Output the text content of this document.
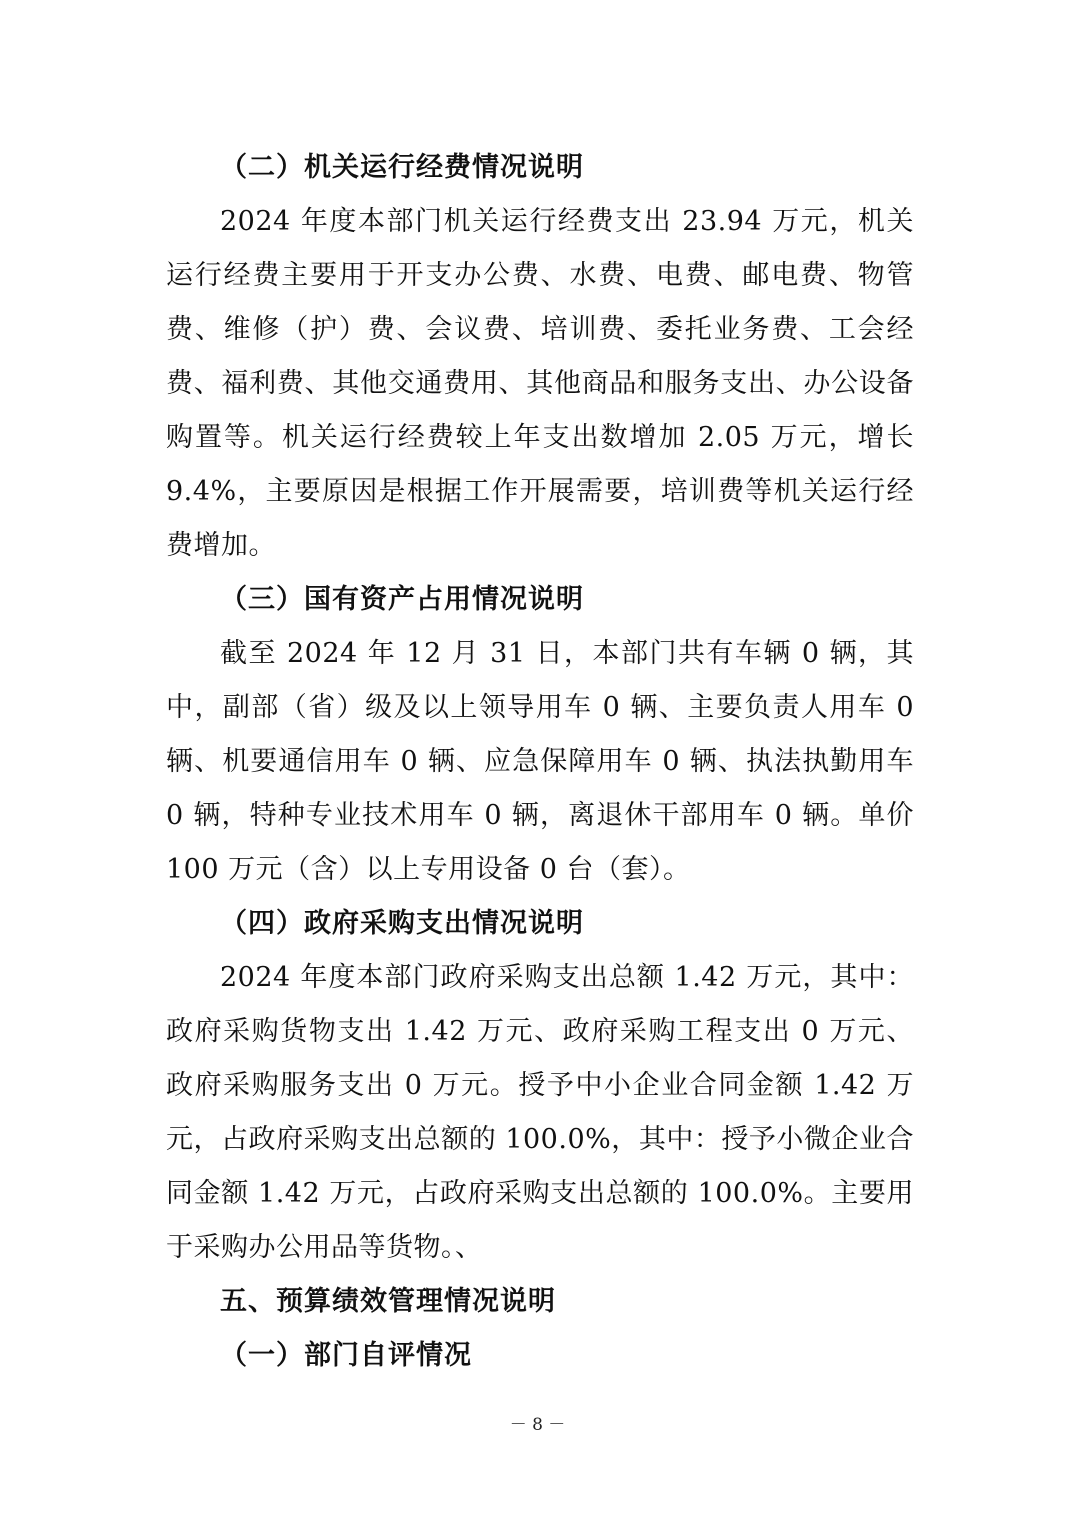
（二）机关运行经费情况说明

2024 年度本部门机关运行经费支出 23.94 万元，机关运行经费主要用于开支办公费、水费、电费、邮电费、物管费、维修（护）费、会议费、培训费、委托业务费、工会经费、福利费、其他交通费用、其他商品和服务支出、办公设备购置等。机关运行经费较上年支出数增加 2.05 万元，增长 9.4%，主要原因是根据工作开展需要，培训费等机关运行经费增加。

（三）国有资产占用情况说明

截至 2024 年 12 月 31 日，本部门共有车辆 0 辆，其中，副部（省）级及以上领导用车 0 辆、主要负责人用车 0 辆、机要通信用车 0 辆、应急保障用车 0 辆、执法执勤用车 0 辆，特种专业技术用车 0 辆，离退休干部用车 0 辆。单价 100 万元（含）以上专用设备 0 台（套）。

（四）政府采购支出情况说明

2024 年度本部门政府采购支出总额 1.42 万元，其中：政府采购货物支出 1.42 万元、政府采购工程支出 0 万元、政府采购服务支出 0 万元。授予中小企业合同金额 1.42 万元，占政府采购支出总额的 100.0%，其中：授予小微企业合同金额 1.42 万元，占政府采购支出总额的 100.0%。主要用于采购办公用品等货物。、

五、预算绩效管理情况说明

（一）部门自评情况

－ 8 －
